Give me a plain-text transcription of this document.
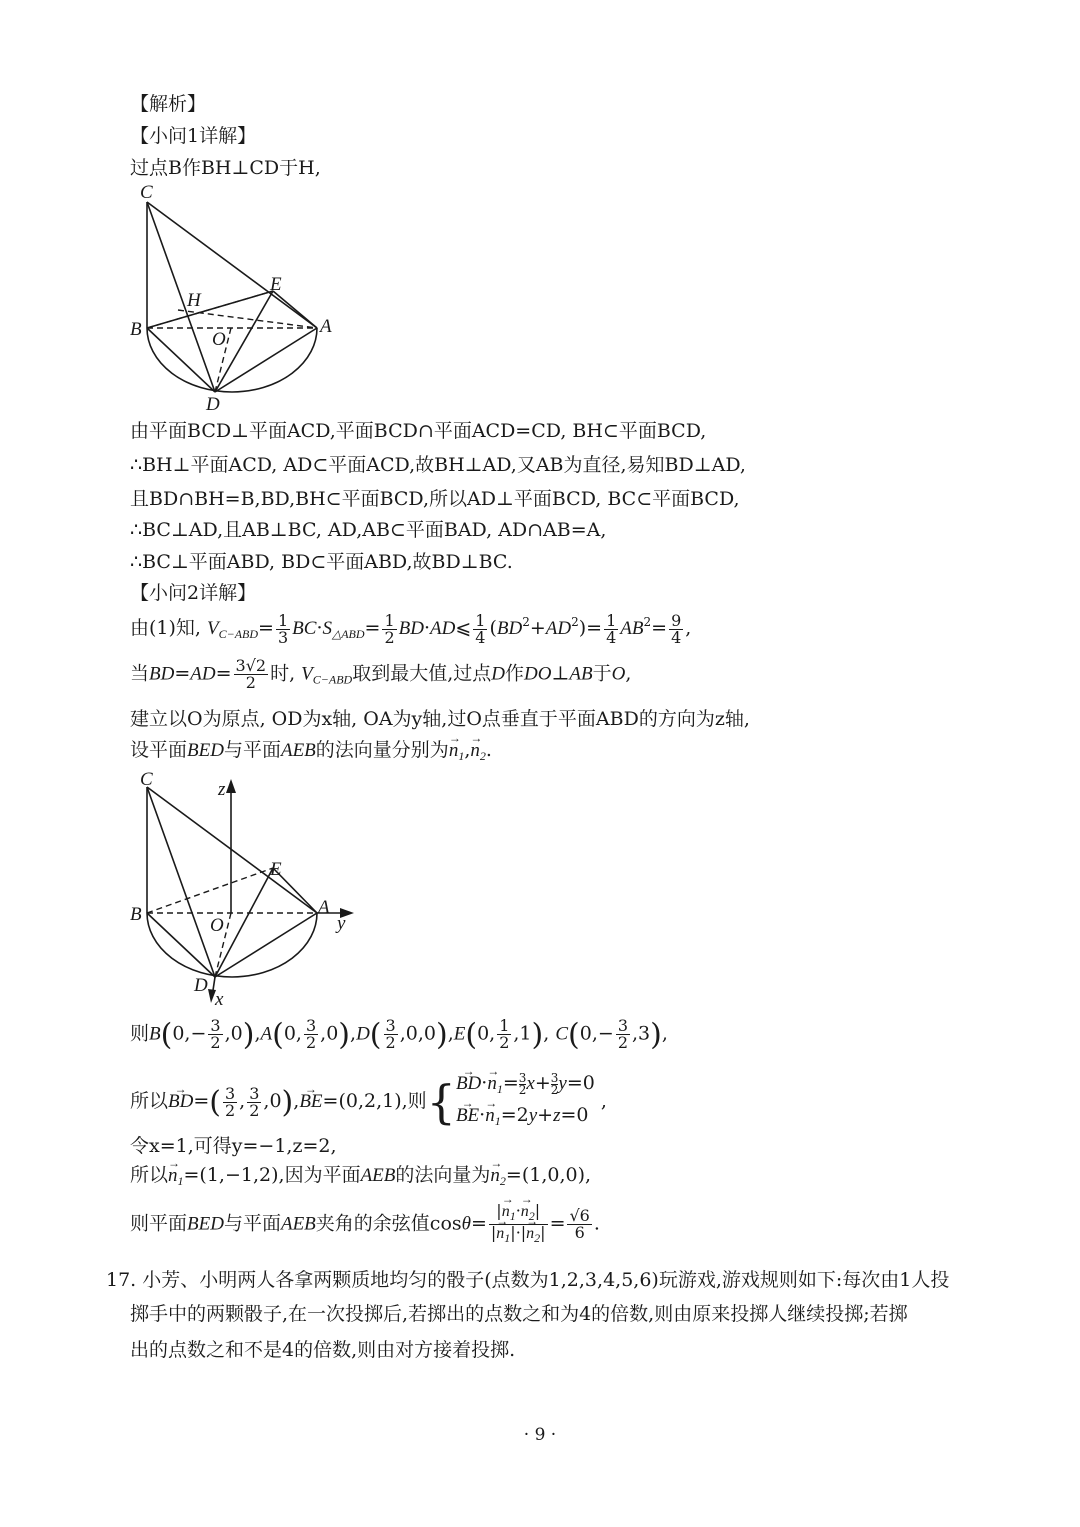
【解析】
【小问1详解】
过点B作BH⊥CD于H,
C
H
E
B	A
O
D
由平面BCD⊥平面ACD,平面BCD∩平面ACD=CD, BH⊂平面BCD,
∴BH⊥平面ACD, AD⊂平面ACD,故BH⊥AD,又AB为直径,易知BD⊥AD,
且BD∩BH=B,BD,BH⊂平面BCD,所以AD⊥平面BCD, BC⊂平面BCD,
∴BC⊥AD,且AB⊥BC, AD,AB⊂平面BAD, AD∩AB=A,
∴BC⊥平面ABD, BD⊂平面ABD,故BD⊥BC.
【小问2详解】
由(1)知, $V_{C-ABD}= \frac{1}{3} BC\cdot S_{\triangle ABD}= \frac{1}{2}$ BD·AD⩽ $\frac{1}{4} (BD^2+AD^2)= \frac{1}{4} AB^2= \frac{9}{4}$ ,
当$BD=AD= \frac{3√2}{2}$ 时, $V_{C-ABD}$取到最大值,过点D作DO⊥AB于O,
建立以O为原点, OD为x轴, OA为y轴,过O点垂直于平面ABD的方向为z轴,
设平面BED与平面AEB的法向量分别为→ $n_1,\to n_2$.
C	z
E
B	A
y
O
D
x
则$B(0,- \frac{3}{2} ,0),A(0$, $\frac{3}{2} ,0),D( \frac{3}{2} ,0,0),E(0$, $\frac{1}{2} ,1$), $C(0,- \frac{3}{2} ,3)$,
所以→ $BD=( \frac{3}{2}$ , $\frac{3}{2} ,0),\to BE=(0,2,1)$,则{ → $BD\cdot\to n_1= \frac{3}{2}x+ \frac{3}{2}y=0$
→ $BE\cdot\to n_1=2y+z=0$
,
令x=1,可得y=−1,z=2,
所以→ $n_1=(1,-1,2)$,因为平面AEB的法向量为→ $n_2=(1,0,0)$,
则平面BED与平面AEB夹角的余弦值$\cos\theta= \frac{|\to n_1\cdot\to n_2|}{|\to n_1|\cdot|\to n_2|} = \frac{√6}{6}$ .
17. 小芳、小明两人各拿两颗质地均匀的骰子(点数为1,2,3,4,5,6)玩游戏,游戏规则如下:每次由1人投
掷手中的两颗骰子,在一次投掷后,若掷出的点数之和为4的倍数,则由原来投掷人继续投掷;若掷
出的点数之和不是4的倍数,则由对方接着投掷.
· 9 ·
